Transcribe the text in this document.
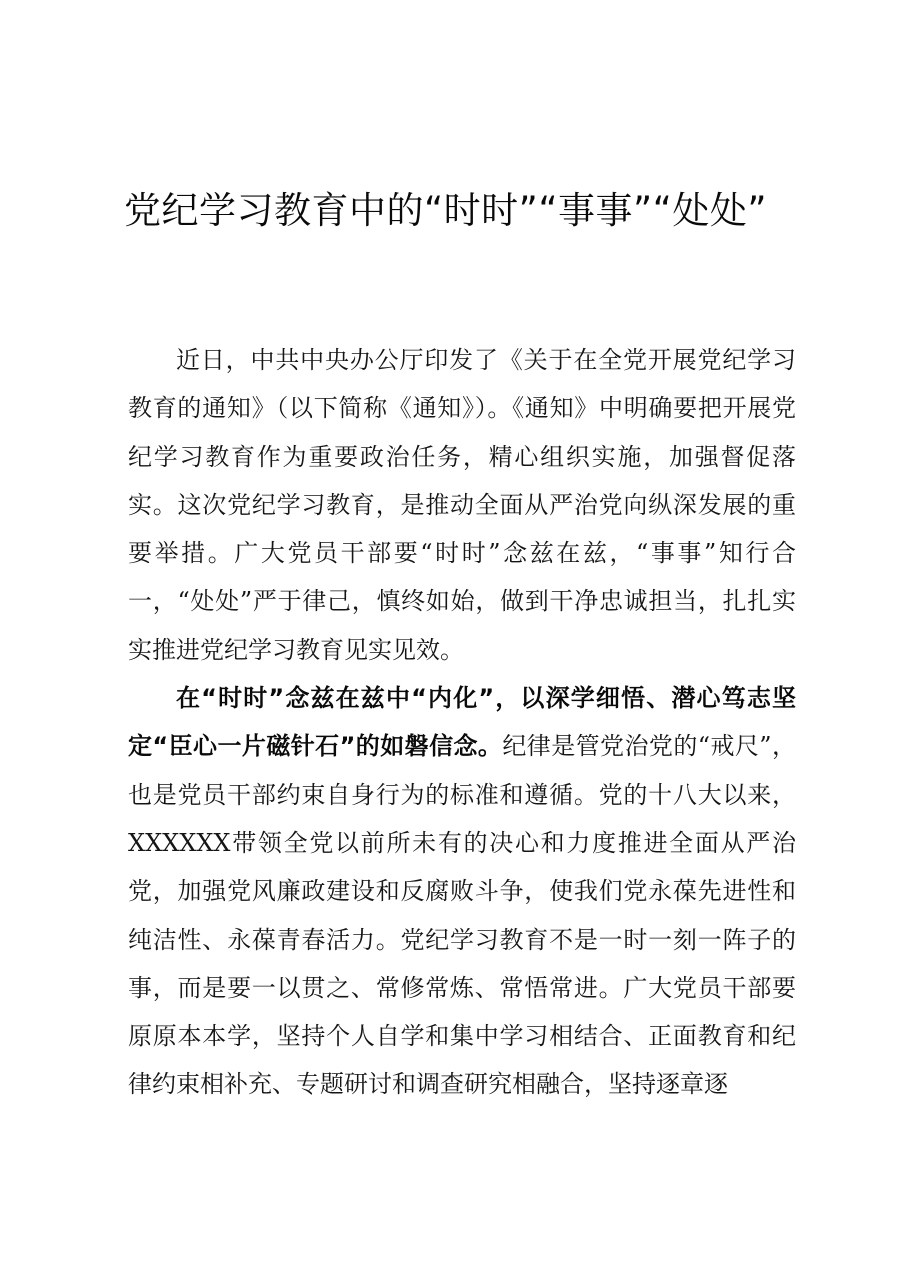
党纪学习教育中的“时时”“事事”“处处”

近日，中共中央办公厅印发了《关于在全党开展党纪学习教育的通知》（以下简称《通知》）。《通知》中明确要把开展党纪学习教育作为重要政治任务，精心组织实施，加强督促落实。这次党纪学习教育，是推动全面从严治党向纵深发展的重要举措。广大党员干部要“时时”念兹在兹，“事事”知行合一，“处处”严于律己，慎终如始，做到干净忠诚担当，扎扎实实推进党纪学习教育见实见效。

在“时时”念兹在兹中“内化”，以深学细悟、潜心笃志坚定“臣心一片磁针石”的如磐信念。纪律是管党治党的“戒尺”，也是党员干部约束自身行为的标准和遵循。党的十八大以来，XXXXXX带领全党以前所未有的决心和力度推进全面从严治党，加强党风廉政建设和反腐败斗争，使我们党永葆先进性和纯洁性、永葆青春活力。党纪学习教育不是一时一刻一阵子的事，而是要一以贯之、常修常炼、常悟常进。广大党员干部要原原本本学，坚持个人自学和集中学习相结合、正面教育和纪律约束相补充、专题研讨和调查研究相融合，坚持逐章逐
